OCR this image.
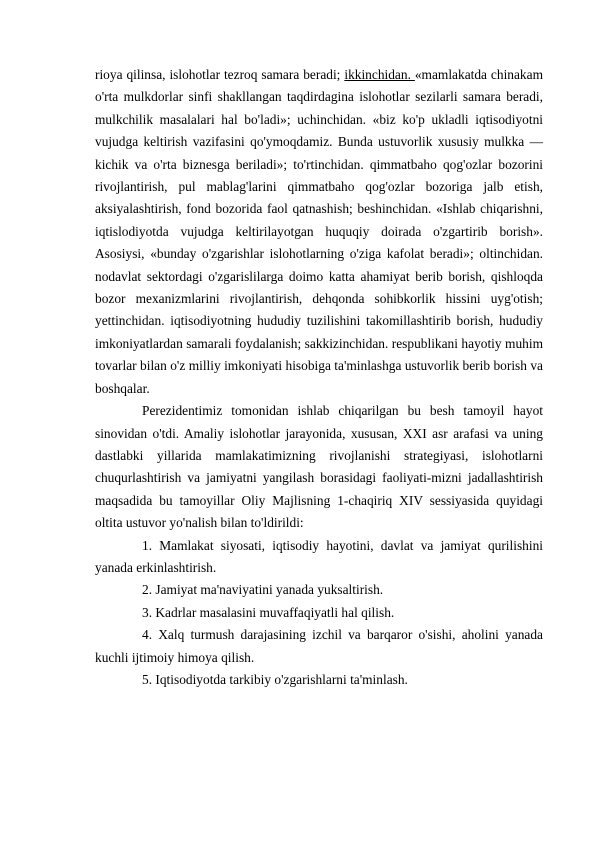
rioya qilinsa, islohotlar tezroq samara beradi; ikkinchidan. «mamlakatda chinakam o'rta mulkdorlar sinfi shakllangan taqdirdagina islohotlar sezilarli samara beradi, mulkchilik masalalari hal bo'ladi»; uchinchidan. «biz ko'p ukladli iqtisodiyotni vujudga keltirish vazifasini qo'ymoqdamiz. Bunda ustuvorlik xususiy mulkka —kichik va o'rta biznesga beriladi»; to'rtinchidan. qimmatbaho qog'ozlar bozorini rivojlantirish, pul mablag'larini qimmatbaho qog'ozlar bozoriga jalb etish, aksiyalashtirish, fond bozorida faol qatnashish; beshinchidan. «Ishlab chiqarishni, iqtislodiyotda vujudga keltirilayotgan huquqiy doirada o'zgartirib borish». Asosiysi, «bunday o'zgarishlar islohotlarning o'ziga kafolat beradi»; oltinchidan. nodavlat sektordagi o'zgarislilarga doimo katta ahamiyat berib borish, qishloqda bozor mexanizmlarini rivojlantirish, dehqonda sohibkorlik hissini uyg'otish; yettinchidan. iqtisodiyotning hududiy tuzilishini takomillashtirib borish, hududiy imkoniyatlardan samarali foydalanish; sakkizinchidan. respublikani hayotiy muhim tovarlar bilan o'z milliy imkoniyati hisobiga ta'minlashga ustuvorlik berib borish va boshqalar.

Perezidentimiz tomonidan ishlab chiqarilgan bu besh tamoyil hayot sinovidan o'tdi. Amaliy islohotlar jarayonida, xususan, XXI asr arafasi va uning dastlabki yillarida mamlakatimizning rivojlanishi strategiyasi, islohotlarni chuqurlashtirish va jamiyatni yangilash borasidagi faoliyati-mizni jadallashtirish maqsadida bu tamoyillar Oliy Majlisning 1-chaqiriq XIV sessiyasida quyidagi oltita ustuvor yo'nalish bilan to'ldirildi:

1. Mamlakat siyosati, iqtisodiy hayotini, davlat va jamiyat qurilishini yanada erkinlashtirish.

2. Jamiyat ma'naviyatini yanada yuksaltirish.

3. Kadrlar masalasini muvaffaqiyatli hal qilish.

4. Xalq turmush darajasining izchil va barqaror o'sishi, aholini yanada kuchli ijtimoiy himoya qilish.

5. Iqtisodiyotda tarkibiy o'zgarishlarni ta'minlash.
